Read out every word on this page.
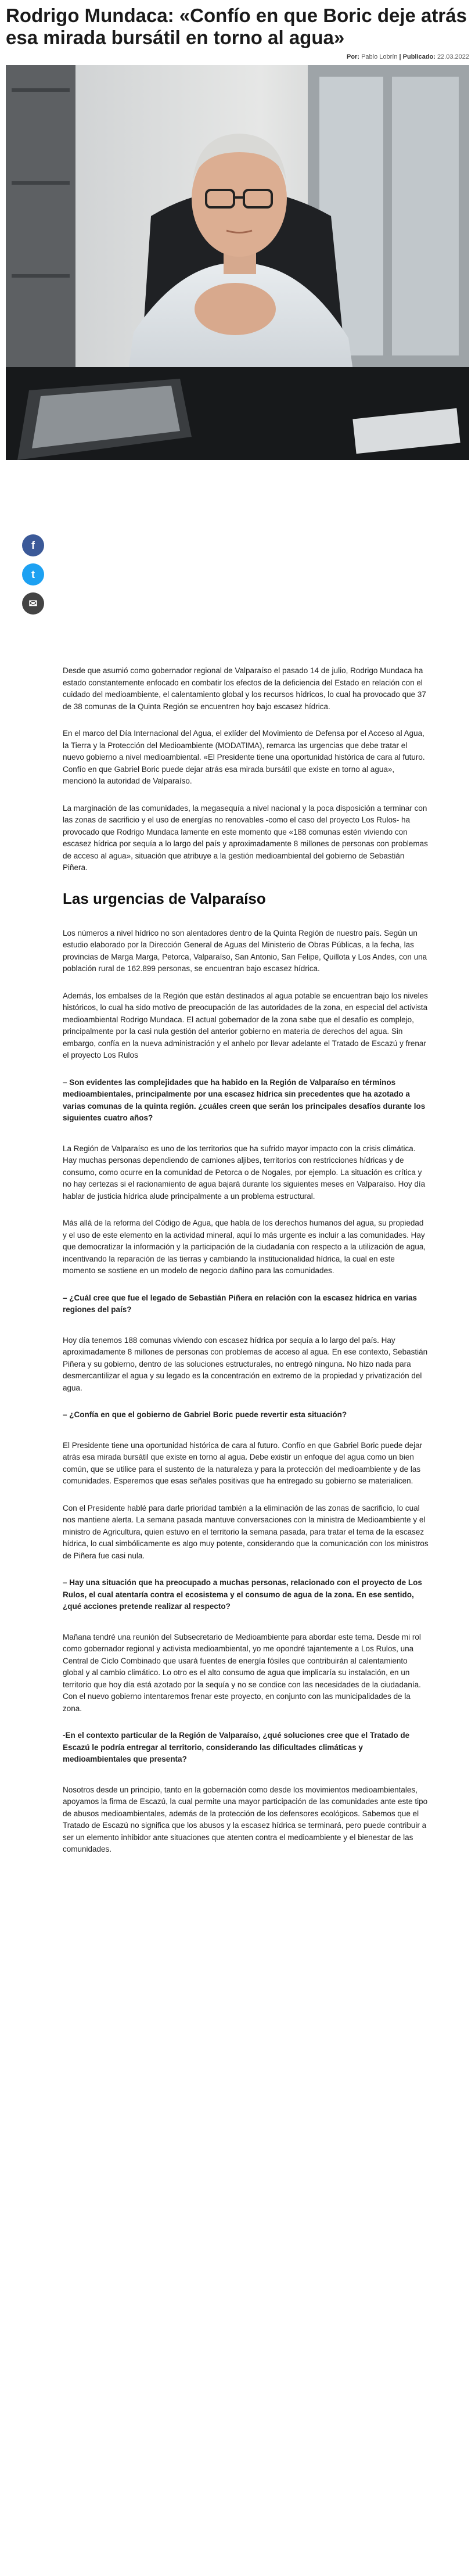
Rodrigo Mundaca: «Confío en que Boric deje atrás esa mirada bursátil en torno al agua»
Por: Pablo Lobrín | Publicado: 22.03.2022
f
t
✉

Desde que asumió como gobernador regional de Valparaíso el pasado 14 de julio, Rodrigo Mundaca ha estado constantemente enfocado en combatir los efectos de la deficiencia del Estado en relación con el cuidado del medioambiente, el calentamiento global y los recursos hídricos, lo cual ha provocado que 37 de 38 comunas de la Quinta Región se encuentren hoy bajo escasez hídrica.

En el marco del Día Internacional del Agua, el exlíder del Movimiento de Defensa por el Acceso al Agua, la Tierra y la Protección del Medioambiente (MODATIMA), remarca las urgencias que debe tratar el nuevo gobierno a nivel medioambiental. «El Presidente tiene una oportunidad histórica de cara al futuro. Confío en que Gabriel Boric puede dejar atrás esa mirada bursátil que existe en torno al agua», mencionó la autoridad de Valparaíso.

La marginación de las comunidades, la megasequía a nivel nacional y la poca disposición a terminar con las zonas de sacrificio y el uso de energías no renovables -como el caso del proyecto Los Rulos- ha provocado que Rodrigo Mundaca lamente en este momento que «188 comunas estén viviendo con escasez hídrica por sequía a lo largo del país y aproximadamente 8 millones de personas con problemas de acceso al agua», situación que atribuye a la gestión medioambiental del gobierno de Sebastián Piñera.

Las urgencias de Valparaíso

Los números a nivel hídrico no son alentadores dentro de la Quinta Región de nuestro país. Según un estudio elaborado por la Dirección General de Aguas del Ministerio de Obras Públicas, a la fecha, las provincias de Marga Marga, Petorca, Valparaíso, San Antonio, San Felipe, Quillota y Los Andes, con una población rural de 162.899 personas, se encuentran bajo escasez hídrica.

Además, los embalses de la Región que están destinados al agua potable se encuentran bajo los niveles históricos, lo cual ha sido motivo de preocupación de las autoridades de la zona, en especial del activista medioambiental Rodrigo Mundaca. El actual gobernador de la zona sabe que el desafío es complejo, principalmente por la casi nula gestión del anterior gobierno en materia de derechos del agua. Sin embargo, confía en la nueva administración y el anhelo por llevar adelante el Tratado de Escazú y frenar el proyecto Los Rulos

– Son evidentes las complejidades que ha habido en la Región de Valparaíso en términos medioambientales, principalmente por una escasez hídrica sin precedentes que ha azotado a varias comunas de la quinta región. ¿cuáles creen que serán los principales desafíos durante los siguientes cuatro años?

La Región de Valparaíso es uno de los territorios que ha sufrido mayor impacto con la crisis climática. Hay muchas personas dependiendo de camiones aljibes, territorios con restricciones hídricas y de consumo, como ocurre en la comunidad de Petorca o de Nogales, por ejemplo. La situación es crítica y no hay certezas si el racionamiento de agua bajará durante los siguientes meses en Valparaíso. Hoy día hablar de justicia hídrica alude principalmente a un problema estructural.

Más allá de la reforma del Código de Agua, que habla de los derechos humanos del agua, su propiedad y el uso de este elemento en la actividad mineral, aquí lo más urgente es incluir a las comunidades. Hay que democratizar la información y la participación de la ciudadanía con respecto a la utilización de agua, incentivando la reparación de las tierras y cambiando la institucionalidad hídrica, la cual en este momento se sostiene en un modelo de negocio dañino para las comunidades.

– ¿Cuál cree que fue el legado de Sebastián Piñera en relación con la escasez hídrica en varias regiones del país?

Hoy día tenemos 188 comunas viviendo con escasez hídrica por sequía a lo largo del país. Hay aproximadamente 8 millones de personas con problemas de acceso al agua. En ese contexto, Sebastián Piñera y su gobierno, dentro de las soluciones estructurales, no entregó ninguna. No hizo nada para desmercantilizar el agua y su legado es la concentración en extremo de la propiedad y privatización del agua.

– ¿Confía en que el gobierno de Gabriel Boric puede revertir esta situación?

El Presidente tiene una oportunidad histórica de cara al futuro. Confío en que Gabriel Boric puede dejar atrás esa mirada bursátil que existe en torno al agua. Debe existir un enfoque del agua como un bien común, que se utilice para el sustento de la naturaleza y para la protección del medioambiente y de las comunidades. Esperemos que esas señales positivas que ha entregado su gobierno se materialicen.

Con el Presidente hablé para darle prioridad también a la eliminación de las zonas de sacrificio, lo cual nos mantiene alerta. La semana pasada mantuve conversaciones con la ministra de Medioambiente y el ministro de Agricultura, quien estuvo en el territorio la semana pasada, para tratar el tema de la escasez hídrica, lo cual simbólicamente es algo muy potente, considerando que la comunicación con los ministros de Piñera fue casi nula.

– Hay una situación que ha preocupado a muchas personas, relacionado con el proyecto de Los Rulos, el cual atentaría contra el ecosistema y el consumo de agua de la zona. En ese sentido, ¿qué acciones pretende realizar al respecto?

Mañana tendré una reunión del Subsecretario de Medioambiente para abordar este tema. Desde mi rol como gobernador regional y activista medioambiental, yo me opondré tajantemente a Los Rulos, una Central de Ciclo Combinado que usará fuentes de energía fósiles que contribuirán al calentamiento global y al cambio climático. Lo otro es el alto consumo de agua que implicaría su instalación, en un territorio que hoy día está azotado por la sequía y no se condice con las necesidades de la ciudadanía. Con el nuevo gobierno intentaremos frenar este proyecto, en conjunto con las municipalidades de la zona.

-En el contexto particular de la Región de Valparaíso, ¿qué soluciones cree que el Tratado de Escazú le podría entregar al territorio, considerando las dificultades climáticas y medioambientales que presenta?

Nosotros desde un principio, tanto en la gobernación como desde los movimientos medioambientales, apoyamos la firma de Escazú, la cual permite una mayor participación de las comunidades ante este tipo de abusos medioambientales, además de la protección de los defensores ecológicos. Sabemos que el Tratado de Escazú no significa que los abusos y la escasez hídrica se terminará, pero puede contribuir a ser un elemento inhibidor ante situaciones que atenten contra el medioambiente y el bienestar de las comunidades.
